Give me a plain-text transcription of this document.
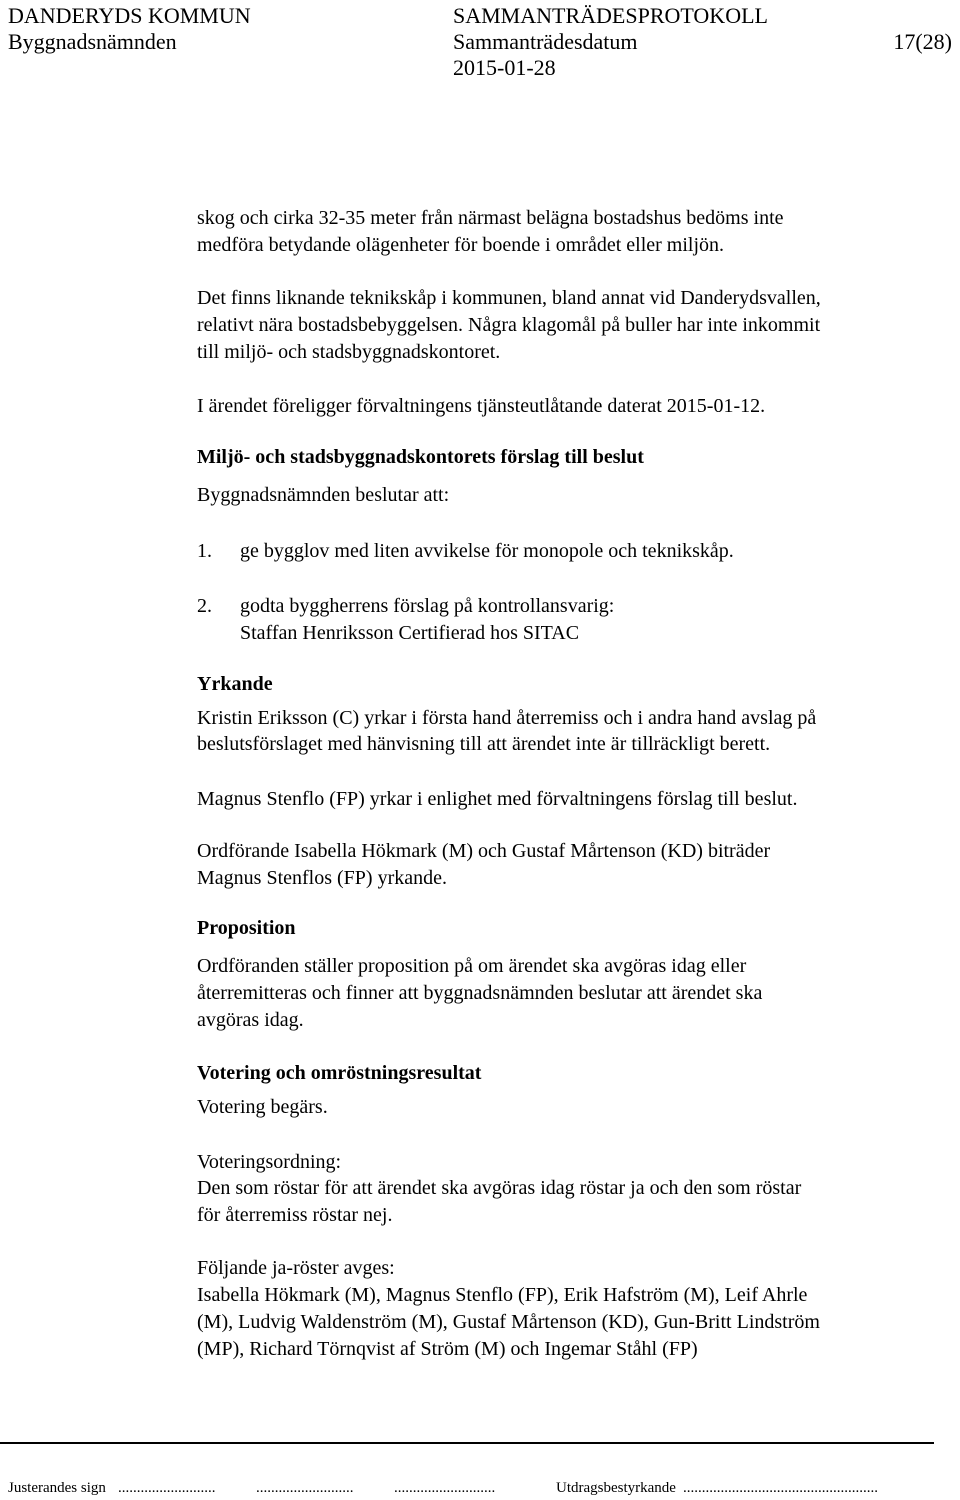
DANDERYDS KOMMUN
Byggnadsnämnden
SAMMANTRÄDESPROTOKOLL
Sammanträdesdatum
2015-01-28
17(28)
skog och cirka 32-35 meter från närmast belägna bostadshus bedöms inte
medföra betydande olägenheter för boende i området eller miljön.
Det finns liknande teknikskåp i kommunen, bland annat vid Danderydsvallen,
relativt nära bostadsbebyggelsen. Några klagomål på buller har inte inkommit
till miljö- och stadsbyggnadskontoret.
I ärendet föreligger förvaltningens tjänsteutlåtande daterat 2015-01-12.
Miljö- och stadsbyggnadskontorets förslag till beslut
Byggnadsnämnden beslutar att:
1. ge bygglov med liten avvikelse för monopole och teknikskåp.
2. godta byggherrens förslag på kontrollansvarig:
Staffan Henriksson Certifierad hos SITAC
Yrkande
Kristin Eriksson (C) yrkar i första hand återremiss och i andra hand avslag på
beslutsförslaget med hänvisning till att ärendet inte är tillräckligt berett.
Magnus Stenflo (FP) yrkar i enlighet med förvaltningens förslag till beslut.
Ordförande Isabella Hökmark (M) och Gustaf Mårtenson (KD) biträder
Magnus Stenflos (FP) yrkande.
Proposition
Ordföranden ställer proposition på om ärendet ska avgöras idag eller
återremitteras och finner att byggnadsnämnden beslutar att ärendet ska
avgöras idag.
Votering och omröstningsresultat
Votering begärs.
Voteringsordning:
Den som röstar för att ärendet ska avgöras idag röstar ja och den som röstar
för återremiss röstar nej.
Följande ja-röster avges:
Isabella Hökmark (M), Magnus Stenflo (FP), Erik Hafström (M), Leif Ahrle
(M), Ludvig Waldenström (M), Gustaf Mårtenson (KD), Gun-Britt Lindström
(MP), Richard Törnqvist af Ström (M) och Ingemar Ståhl (FP)
Justerandes sign ..........................	..........................	...........................	Utdragsbestyrkande ....................................................
